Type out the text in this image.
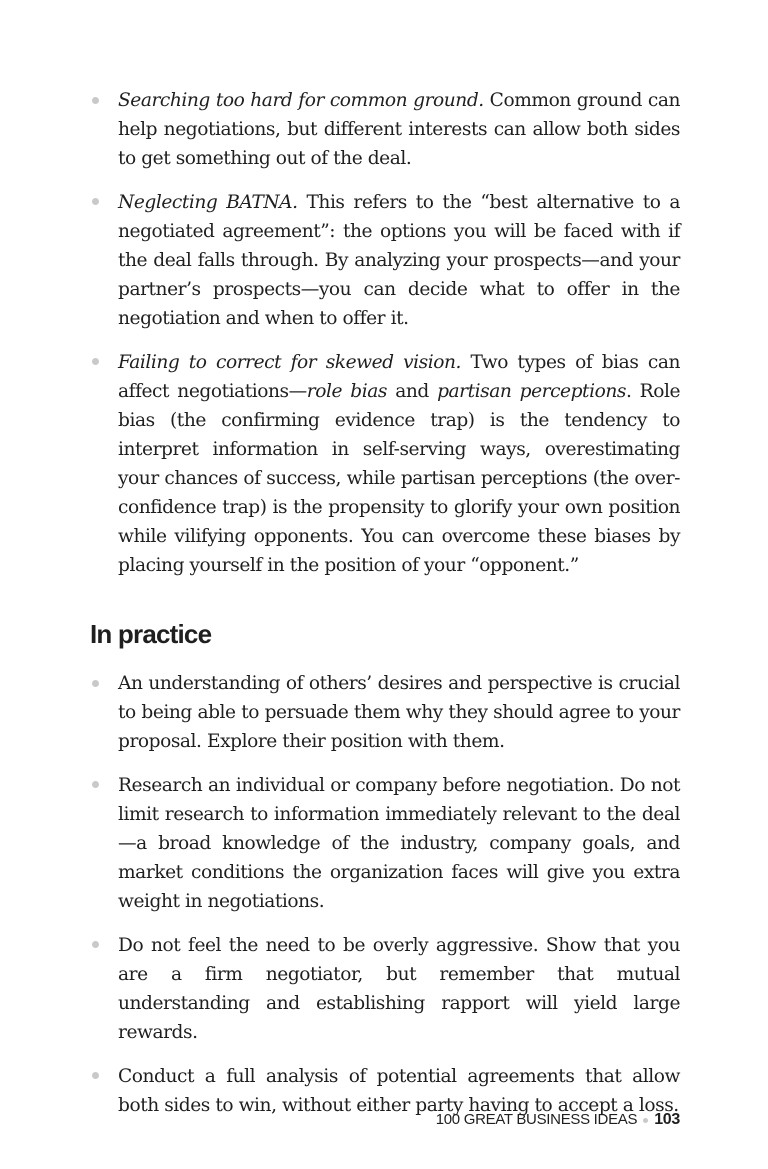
Searching too hard for common ground. Common ground can help negotiations, but different interests can allow both sides to get something out of the deal.
Neglecting BATNA. This refers to the “best alternative to a negotiated agreement”: the options you will be faced with if the deal falls through. By analyzing your prospects—and your partner’s prospects—you can decide what to offer in the negotiation and when to offer it.
Failing to correct for skewed vision. Two types of bias can affect negotiations—role bias and partisan perceptions. Role bias (the confirming evidence trap) is the tendency to interpret information in self-serving ways, overestimating your chances of success, while partisan perceptions (the over-confidence trap) is the propensity to glorify your own position while vilifying opponents. You can overcome these biases by placing yourself in the position of your “opponent.”
In practice
An understanding of others’ desires and perspective is crucial to being able to persuade them why they should agree to your proposal. Explore their position with them.
Research an individual or company before negotiation. Do not limit research to information immediately relevant to the deal—a broad knowledge of the industry, company goals, and market conditions the organization faces will give you extra weight in negotiations.
Do not feel the need to be overly aggressive. Show that you are a firm negotiator, but remember that mutual understanding and establishing rapport will yield large rewards.
Conduct a full analysis of potential agreements that allow both sides to win, without either party having to accept a loss.
100 GREAT BUSINESS IDEAS 103
